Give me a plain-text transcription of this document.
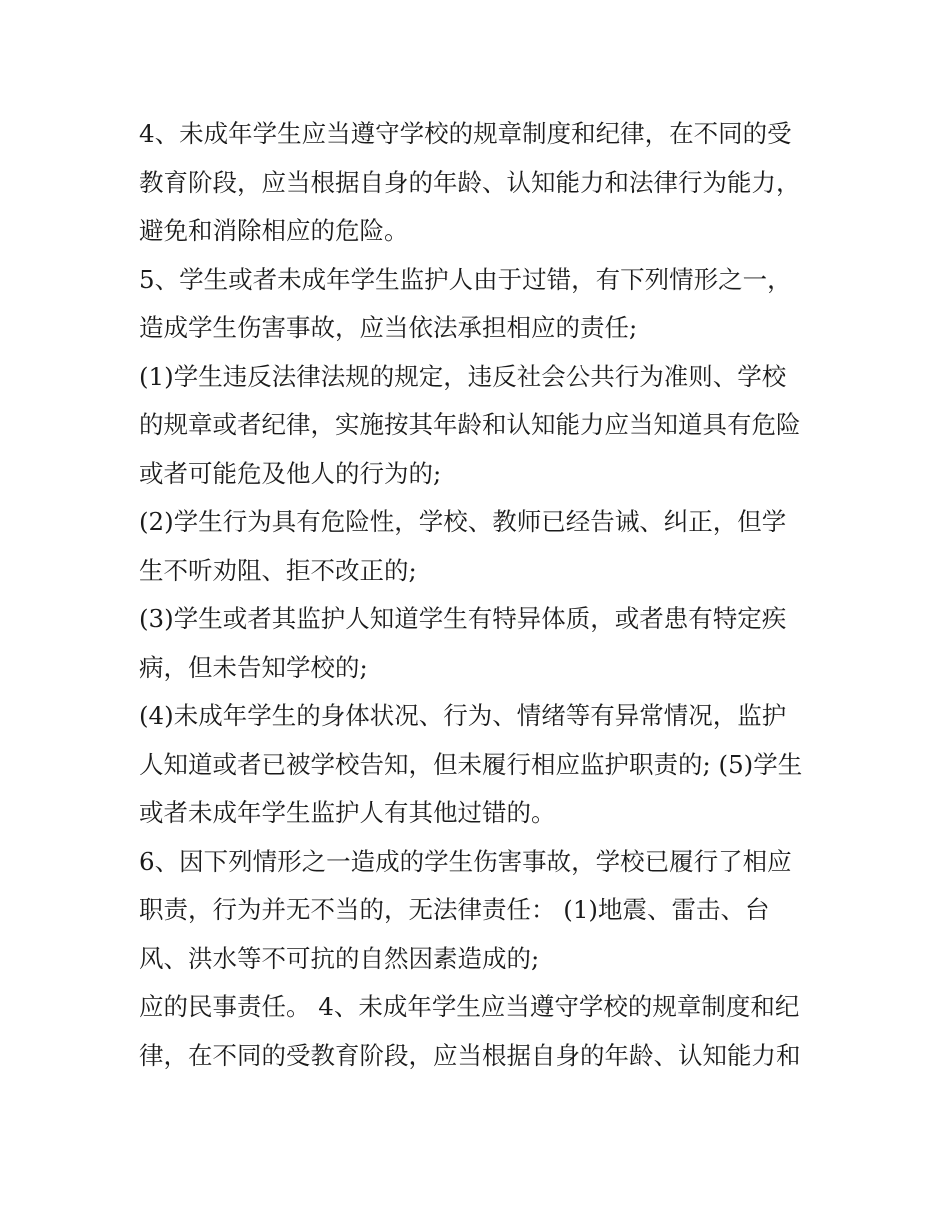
4、未成年学生应当遵守学校的规章制度和纪律，在不同的受
教育阶段，应当根据自身的年龄、认知能力和法律行为能力，
避免和消除相应的危险。
5、学生或者未成年学生监护人由于过错，有下列情形之一，
造成学生伤害事故，应当依法承担相应的责任;
(1)学生违反法律法规的规定，违反社会公共行为准则、学校
的规章或者纪律，实施按其年龄和认知能力应当知道具有危险
或者可能危及他人的行为的;
(2)学生行为具有危险性，学校、教师已经告诫、纠正，但学
生不听劝阻、拒不改正的;
(3)学生或者其监护人知道学生有特异体质，或者患有特定疾
病，但未告知学校的;
(4)未成年学生的身体状况、行为、情绪等有异常情况，监护
人知道或者已被学校告知，但未履行相应监护职责的; (5)学生
或者未成年学生监护人有其他过错的。
6、因下列情形之一造成的学生伤害事故，学校已履行了相应
职责，行为并无不当的，无法律责任： (1)地震、雷击、台
风、洪水等不可抗的自然因素造成的;
应的民事责任。 4、未成年学生应当遵守学校的规章制度和纪
律，在不同的受教育阶段，应当根据自身的年龄、认知能力和
